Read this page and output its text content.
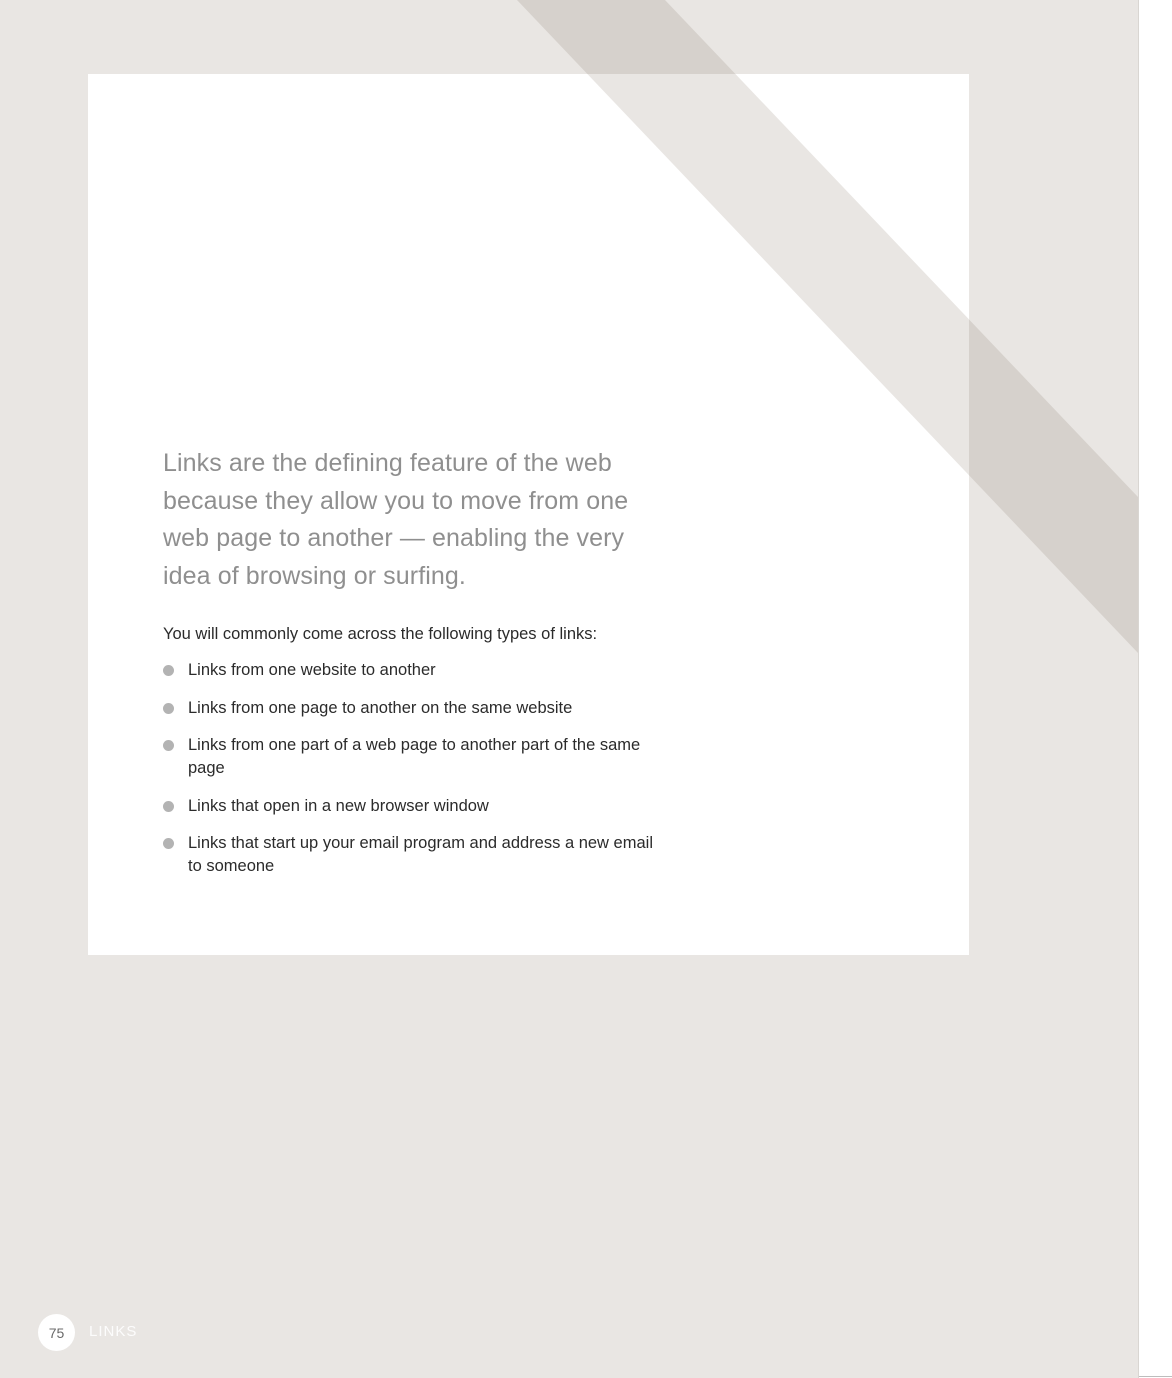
Links are the defining feature of the web because they allow you to move from one web page to another — enabling the very idea of browsing or surfing.

You will commonly come across the following types of links:

Links from one website to another
Links from one page to another on the same website
Links from one part of a web page to another part of the same page
Links that open in a new browser window
Links that start up your email program and address a new email to someone
75 LINKS
